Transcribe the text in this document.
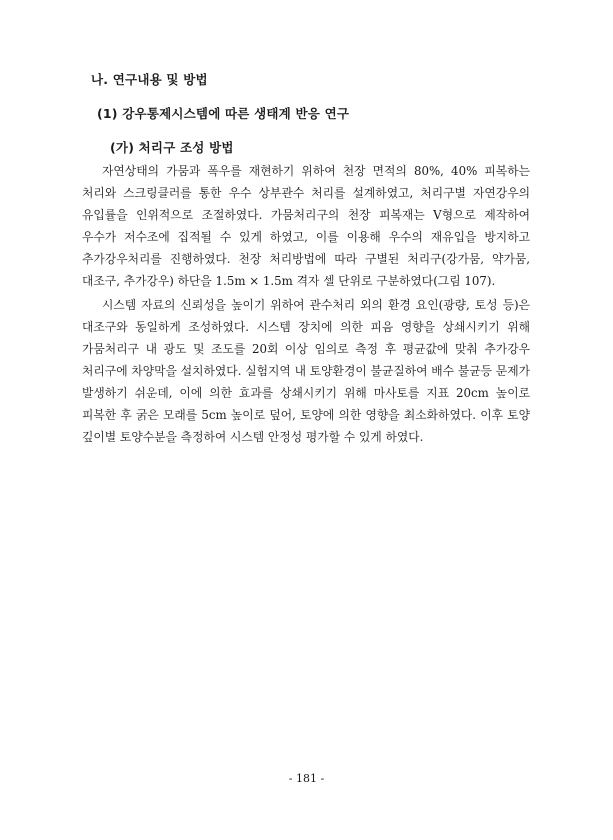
나. 연구내용 및 방법
(1) 강우통제시스템에 따른 생태계 반응 연구
(가) 처리구 조성 방법

자연상태의 가뭄과 폭우를 재현하기 위하여 천장 면적의 80%, 40% 피복하는 처리와 스크링클러를 통한 우수 상부관수 처리를 설계하였고, 처리구별 자연강우의 유입률을 인위적으로 조절하였다. 가뭄처리구의 천장 피복재는 V형으로 제작하여 우수가 저수조에 집적될 수 있게 하였고, 이를 이용해 우수의 재유입을 방지하고 추가강우처리를 진행하였다. 천장 처리방법에 따라 구별된 처리구(강가뭄, 약가뭄, 대조구, 추가강우) 하단을 1.5m × 1.5m 격자 셀 단위로 구분하였다(그림 107).

시스템 자료의 신뢰성을 높이기 위하여 관수처리 외의 환경 요인(광량, 토성 등)은 대조구와 동일하게 조성하였다. 시스템 장치에 의한 피음 영향을 상쇄시키기 위해 가뭄처리구 내 광도 및 조도를 20회 이상 임의로 측정 후 평균값에 맞춰 추가강우 처리구에 차양막을 설치하였다. 실험지역 내 토양환경이 불균질하여 배수 불균등 문제가 발생하기 쉬운데, 이에 의한 효과를 상쇄시키기 위해 마사토를 지표 20cm 높이로 피복한 후 굵은 모래를 5cm 높이로 덮어, 토양에 의한 영향을 최소화하였다. 이후 토양 깊이별 토양수분을 측정하여 시스템 안정성 평가할 수 있게 하였다.

- 181 -
